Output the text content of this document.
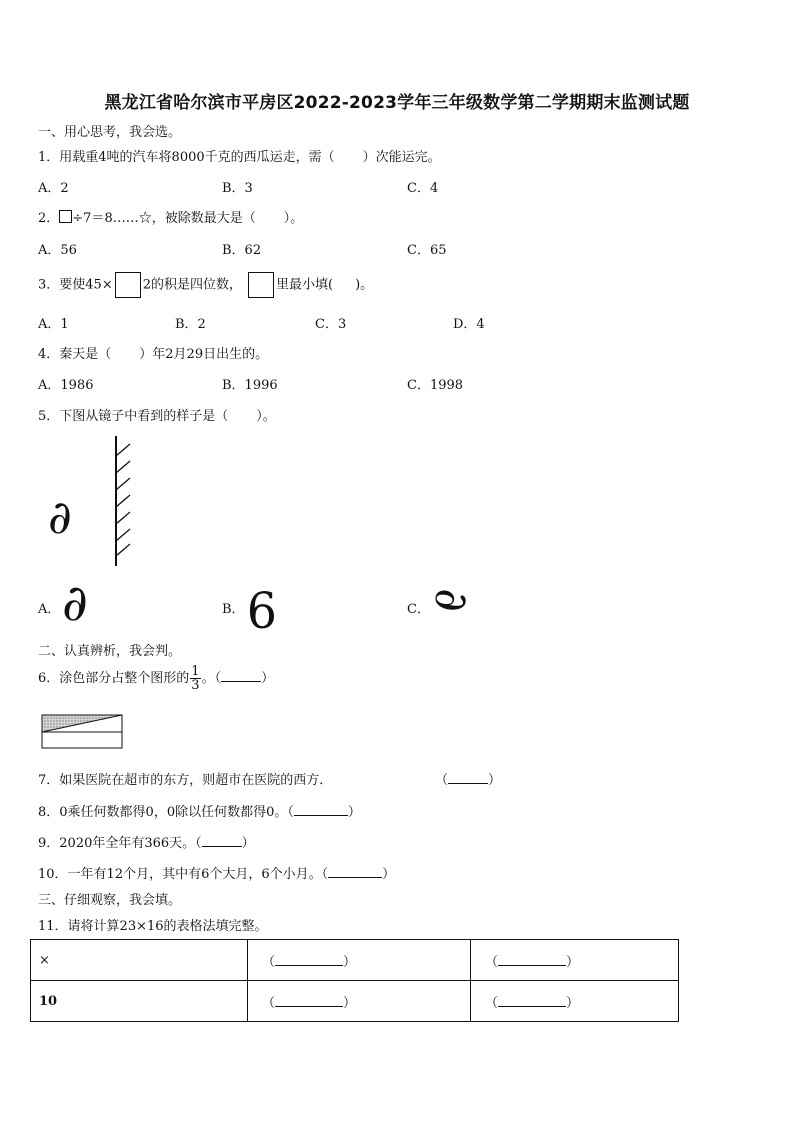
黑龙江省哈尔滨市平房区2022-2023学年三年级数学第二学期期末监测试题
一、用心思考，我会选。
1．用载重4吨的汽车将8000千克的西瓜运走，需（ ）次能运完。
A．2	B．3	C．4
2． ÷7＝8……☆，被除数最大是（ ）。
A．56	B．62	C．65
3．要使45× 2的积是四位数，	里最小填( )。
A．1	B．2	C．3	D．4
4．秦天是（ ）年2月29日出生的。
A．1986	B．1996	C．1998
5．下图从镜子中看到的样子是（ ）。
∂
A． ∂	B． 6	C．
∂
二、认真辨析，我会判。
6．涂色部分占整个图形的 $\frac{1}{3}$ 。（	）
7．如果医院在超市的东方，则超市在医院的西方．	（	）
8．0乘任何数都得0，0除以任何数都得0。（	）
9．2020年全年有366天。（	）
10．一年有12个月，其中有6个大月，6个小月。（	）
三、仔细观察，我会填。
11．请将计算23×16的表格法填完整。
×	（ ）	（ ）
10	（ ）	（ ）
